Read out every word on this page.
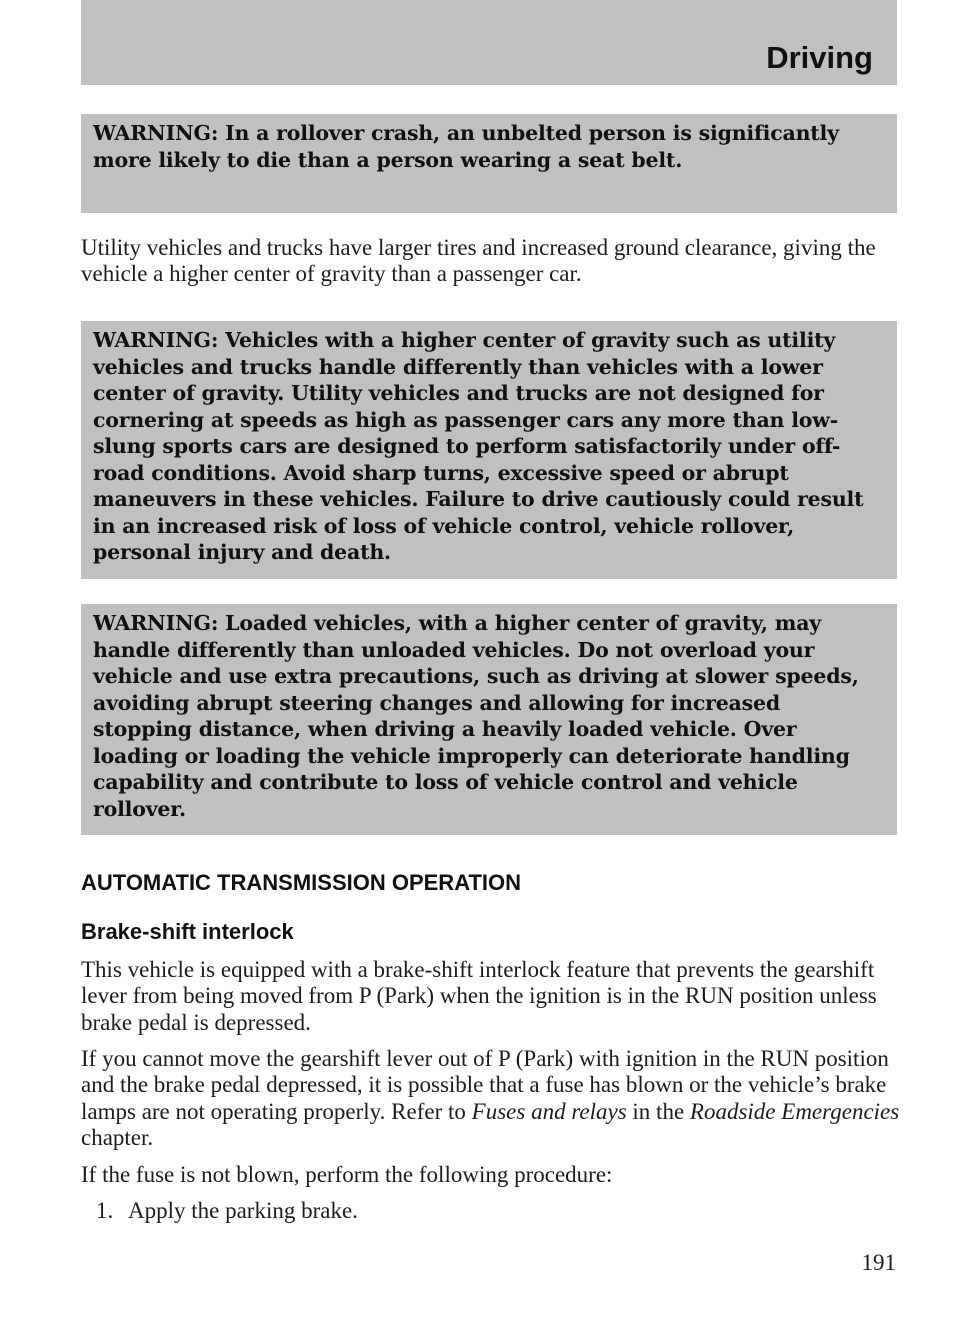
Driving

WARNING: In a rollover crash, an unbelted person is significantly more likely to die than a person wearing a seat belt.

Utility vehicles and trucks have larger tires and increased ground clearance, giving the vehicle a higher center of gravity than a passenger car.

WARNING: Vehicles with a higher center of gravity such as utility vehicles and trucks handle differently than vehicles with a lower center of gravity. Utility vehicles and trucks are not designed for cornering at speeds as high as passenger cars any more than low-slung sports cars are designed to perform satisfactorily under off-road conditions. Avoid sharp turns, excessive speed or abrupt maneuvers in these vehicles. Failure to drive cautiously could result in an increased risk of loss of vehicle control, vehicle rollover, personal injury and death.

WARNING: Loaded vehicles, with a higher center of gravity, may handle differently than unloaded vehicles. Do not overload your vehicle and use extra precautions, such as driving at slower speeds, avoiding abrupt steering changes and allowing for increased stopping distance, when driving a heavily loaded vehicle. Over loading or loading the vehicle improperly can deteriorate handling capability and contribute to loss of vehicle control and vehicle rollover.

AUTOMATIC TRANSMISSION OPERATION
Brake-shift interlock

This vehicle is equipped with a brake-shift interlock feature that prevents the gearshift lever from being moved from P (Park) when the ignition is in the RUN position unless brake pedal is depressed.

If you cannot move the gearshift lever out of P (Park) with ignition in the RUN position and the brake pedal depressed, it is possible that a fuse has blown or the vehicle’s brake lamps are not operating properly. Refer to Fuses and relays in the Roadside Emergencies chapter.

If the fuse is not blown, perform the following procedure:

1. Apply the parking brake.

191
